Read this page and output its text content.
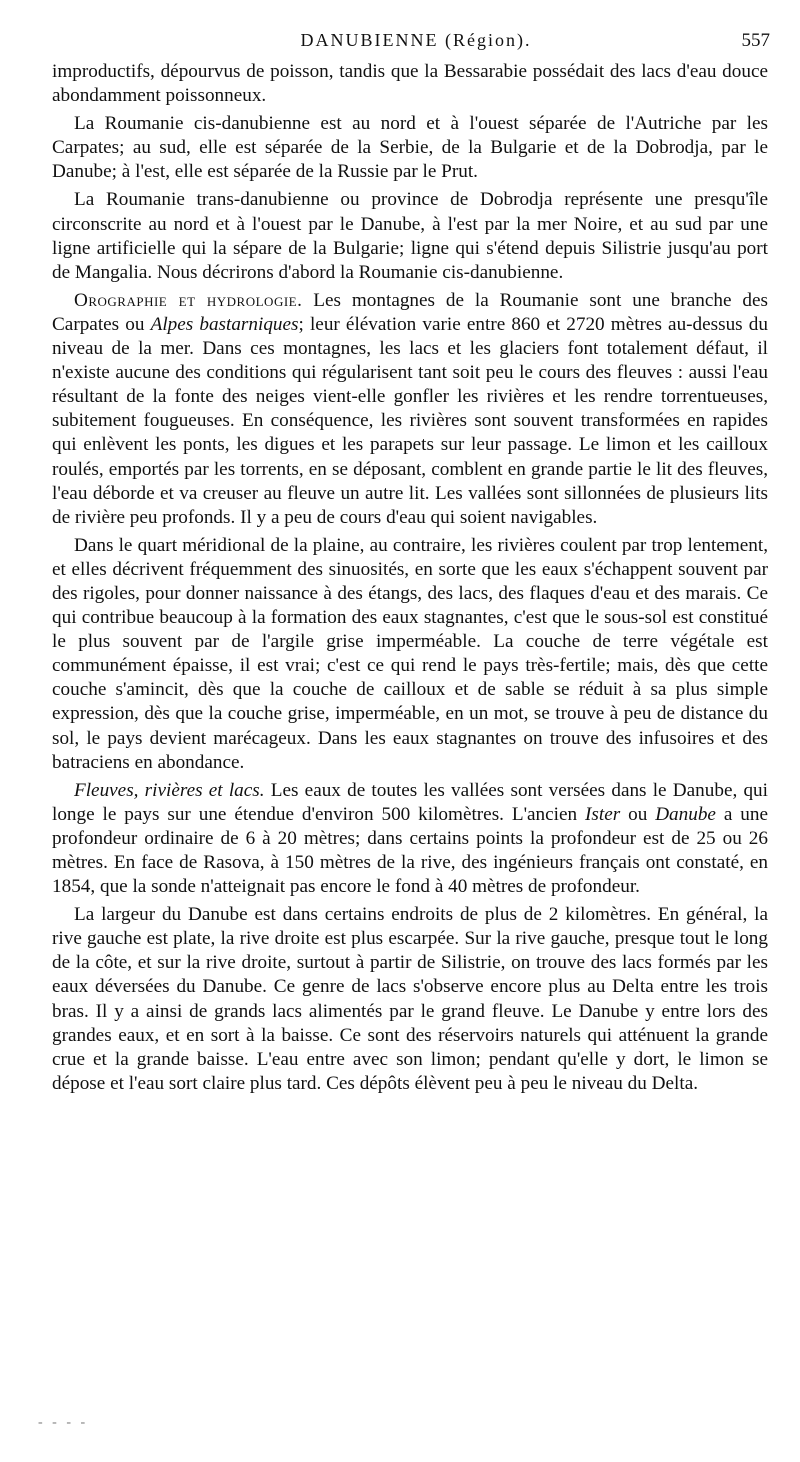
DANUBIENNE (Région).	557

improductifs, dépourvus de poisson, tandis que la Bessarabie possédait des lacs d'eau douce abondamment poissonneux.

La Roumanie cis-danubienne est au nord et à l'ouest séparée de l'Autriche par les Carpates; au sud, elle est séparée de la Serbie, de la Bulgarie et de la Dobrodja, par le Danube; à l'est, elle est séparée de la Russie par le Prut.

La Roumanie trans-danubienne ou province de Dobrodja représente une presqu'île circonscrite au nord et à l'ouest par le Danube, à l'est par la mer Noire, et au sud par une ligne artificielle qui la sépare de la Bulgarie; ligne qui s'étend depuis Silistrie jusqu'au port de Mangalia. Nous décrirons d'abord la Roumanie cis-danubienne.

Orographie et hydrologie. Les montagnes de la Roumanie sont une branche des Carpates ou Alpes bastarniques; leur élévation varie entre 860 et 2720 mètres au-dessus du niveau de la mer. Dans ces montagnes, les lacs et les glaciers font totalement défaut, il n'existe aucune des conditions qui régularisent tant soit peu le cours des fleuves : aussi l'eau résultant de la fonte des neiges vient-elle gonfler les rivières et les rendre torrentueuses, subitement fougueuses. En conséquence, les rivières sont souvent transformées en rapides qui enlèvent les ponts, les digues et les parapets sur leur passage. Le limon et les cailloux roulés, emportés par les torrents, en se déposant, comblent en grande partie le lit des fleuves, l'eau déborde et va creuser au fleuve un autre lit. Les vallées sont sillonnées de plusieurs lits de rivière peu profonds. Il y a peu de cours d'eau qui soient navigables.

Dans le quart méridional de la plaine, au contraire, les rivières coulent par trop lentement, et elles décrivent fréquemment des sinuosités, en sorte que les eaux s'échappent souvent par des rigoles, pour donner naissance à des étangs, des lacs, des flaques d'eau et des marais. Ce qui contribue beaucoup à la formation des eaux stagnantes, c'est que le sous-sol est constitué le plus souvent par de l'argile grise imperméable. La couche de terre végétale est communément épaisse, il est vrai; c'est ce qui rend le pays très-fertile; mais, dès que cette couche s'amincit, dès que la couche de cailloux et de sable se réduit à sa plus simple expression, dès que la couche grise, imperméable, en un mot, se trouve à peu de distance du sol, le pays devient marécageux. Dans les eaux stagnantes on trouve des infusoires et des batraciens en abondance.

Fleuves, rivières et lacs. Les eaux de toutes les vallées sont versées dans le Danube, qui longe le pays sur une étendue d'environ 500 kilomètres. L'ancien Ister ou Danube a une profondeur ordinaire de 6 à 20 mètres; dans certains points la profondeur est de 25 ou 26 mètres. En face de Rasova, à 150 mètres de la rive, des ingénieurs français ont constaté, en 1854, que la sonde n'atteignait pas encore le fond à 40 mètres de profondeur.

La largeur du Danube est dans certains endroits de plus de 2 kilomètres. En général, la rive gauche est plate, la rive droite est plus escarpée. Sur la rive gauche, presque tout le long de la côte, et sur la rive droite, surtout à partir de Silistrie, on trouve des lacs formés par les eaux déversées du Danube. Ce genre de lacs s'observe encore plus au Delta entre les trois bras. Il y a ainsi de grands lacs alimentés par le grand fleuve. Le Danube y entre lors des grandes eaux, et en sort à la baisse. Ce sont des réservoirs naturels qui atténuent la grande crue et la grande baisse. L'eau entre avec son limon; pendant qu'elle y dort, le limon se dépose et l'eau sort claire plus tard. Ces dépôts élèvent peu à peu le niveau du Delta.

- - - -
